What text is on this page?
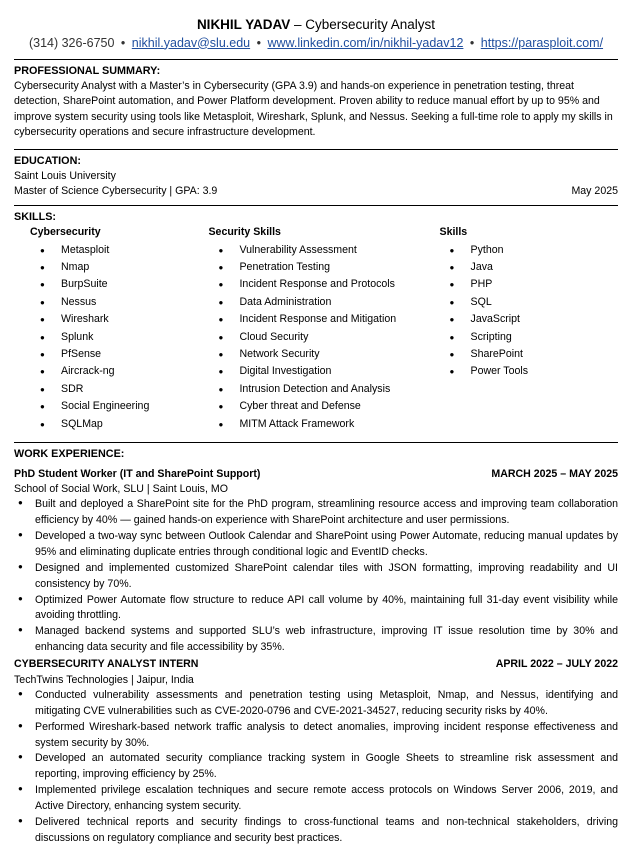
NIKHIL YADAV – Cybersecurity Analyst
(314) 326-6750 • nikhil.yadav@slu.edu • www.linkedin.com/in/nikhil-yadav12 • https://parasploit.com/
PROFESSIONAL SUMMARY:
Cybersecurity Analyst with a Master’s in Cybersecurity (GPA 3.9) and hands-on experience in penetration testing, threat detection, SharePoint automation, and Power Platform development. Proven ability to reduce manual effort by up to 95% and improve system security using tools like Metasploit, Wireshark, Splunk, and Nessus. Seeking a full-time role to apply my skills in cybersecurity operations and secure infrastructure development.
EDUCATION:
Saint Louis University
Master of Science Cybersecurity | GPA: 3.9	May 2025
SKILLS:
Cybersecurity
● Metasploit
● Nmap
● BurpSuite
● Nessus
● Wireshark
● Splunk
● PfSense
● Aircrack-ng
● SDR
● Social Engineering
● SQLMap
Security Skills
● Vulnerability Assessment
● Penetration Testing
● Incident Response and Protocols
● Data Administration
● Incident Response and Mitigation
● Cloud Security
● Network Security
● Digital Investigation
● Intrusion Detection and Analysis
● Cyber threat and Defense
● MITM Attack Framework
Skills
● Python
● Java
● PHP
● SQL
● JavaScript
● Scripting
● SharePoint
● Power Tools
WORK EXPERIENCE:
PhD Student Worker (IT and SharePoint Support)	MARCH 2025 – MAY 2025
School of Social Work, SLU | Saint Louis, MO
● Built and deployed a SharePoint site for the PhD program, streamlining resource access and improving team collaboration efficiency by 40% — gained hands-on experience with SharePoint architecture and user permissions.
● Developed a two-way sync between Outlook Calendar and SharePoint using Power Automate, reducing manual updates by 95% and eliminating duplicate entries through conditional logic and EventID checks.
● Designed and implemented customized SharePoint calendar tiles with JSON formatting, improving readability and UI consistency by 70%.
● Optimized Power Automate flow structure to reduce API call volume by 40%, maintaining full 31-day event visibility while avoiding throttling.
● Managed backend systems and supported SLU’s web infrastructure, improving IT issue resolution time by 30% and enhancing data security and file accessibility by 35%.
CYBERSECURITY ANALYST INTERN	APRIL 2022 – JULY 2022
TechTwins Technologies | Jaipur, India
● Conducted vulnerability assessments and penetration testing using Metasploit, Nmap, and Nessus, identifying and mitigating CVE vulnerabilities such as CVE-2020-0796 and CVE-2021-34527, reducing security risks by 40%.
● Performed Wireshark-based network traffic analysis to detect anomalies, improving incident response effectiveness and system security by 30%.
● Developed an automated security compliance tracking system in Google Sheets to streamline risk assessment and reporting, improving efficiency by 25%.
● Implemented privilege escalation techniques and secure remote access protocols on Windows Server 2006, 2019, and Active Directory, enhancing system security.
● Delivered technical reports and security findings to cross-functional teams and non-technical stakeholders, driving discussions on regulatory compliance and security best practices.
